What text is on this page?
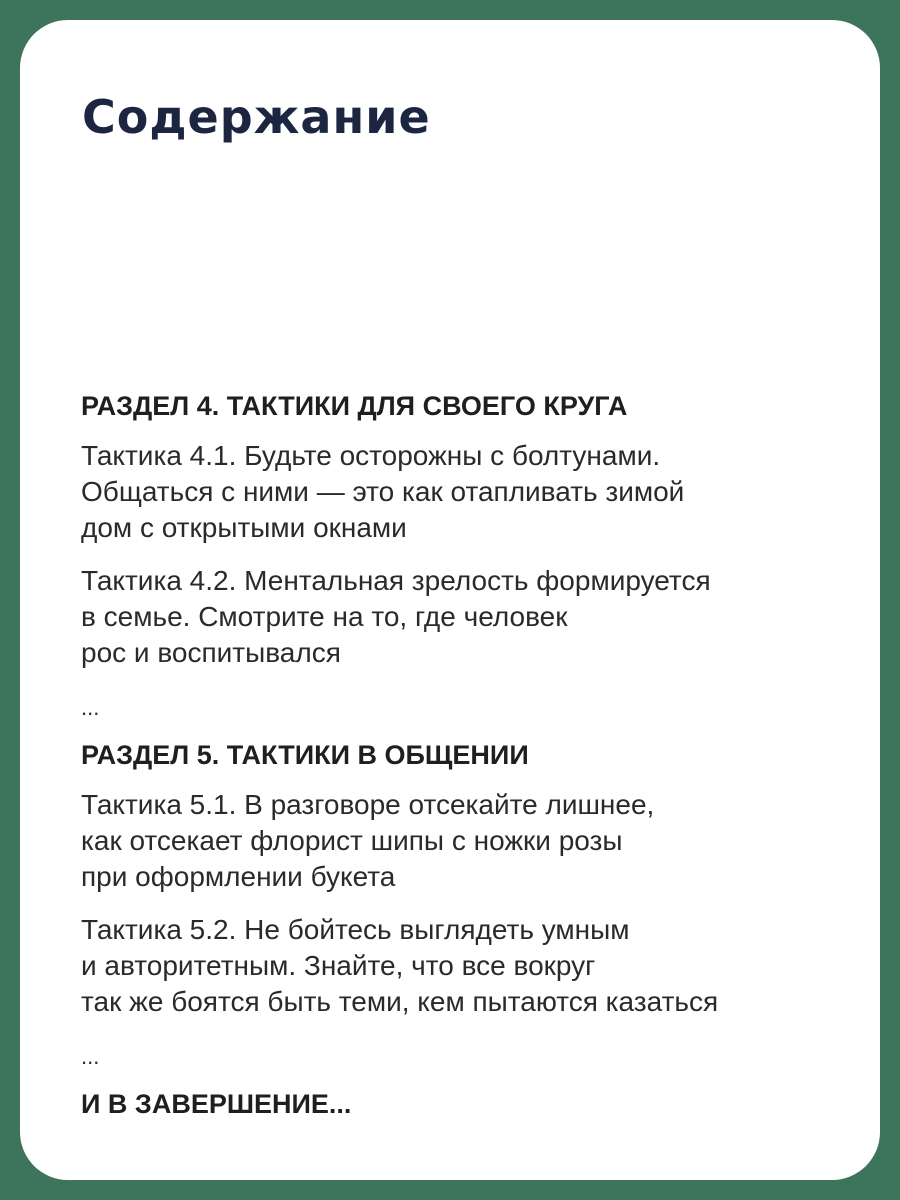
Содержание
РАЗДЕЛ 4. ТАКТИКИ ДЛЯ СВОЕГО КРУГА

Тактика 4.1. Будьте осторожны с болтунами.
Общаться с ними — это как отапливать зимой
дом с открытыми окнами

Тактика 4.2. Ментальная зрелость формируется
в семье. Смотрите на то, где человек
рос и воспитывался

...

РАЗДЕЛ 5. ТАКТИКИ В ОБЩЕНИИ

Тактика 5.1. В разговоре отсекайте лишнее,
как отсекает флорист шипы с ножки розы
при оформлении букета

Тактика 5.2. Не бойтесь выглядеть умным
и авторитетным. Знайте, что все вокруг
так же боятся быть теми, кем пытаются казаться

...

И В ЗАВЕРШЕНИЕ...
